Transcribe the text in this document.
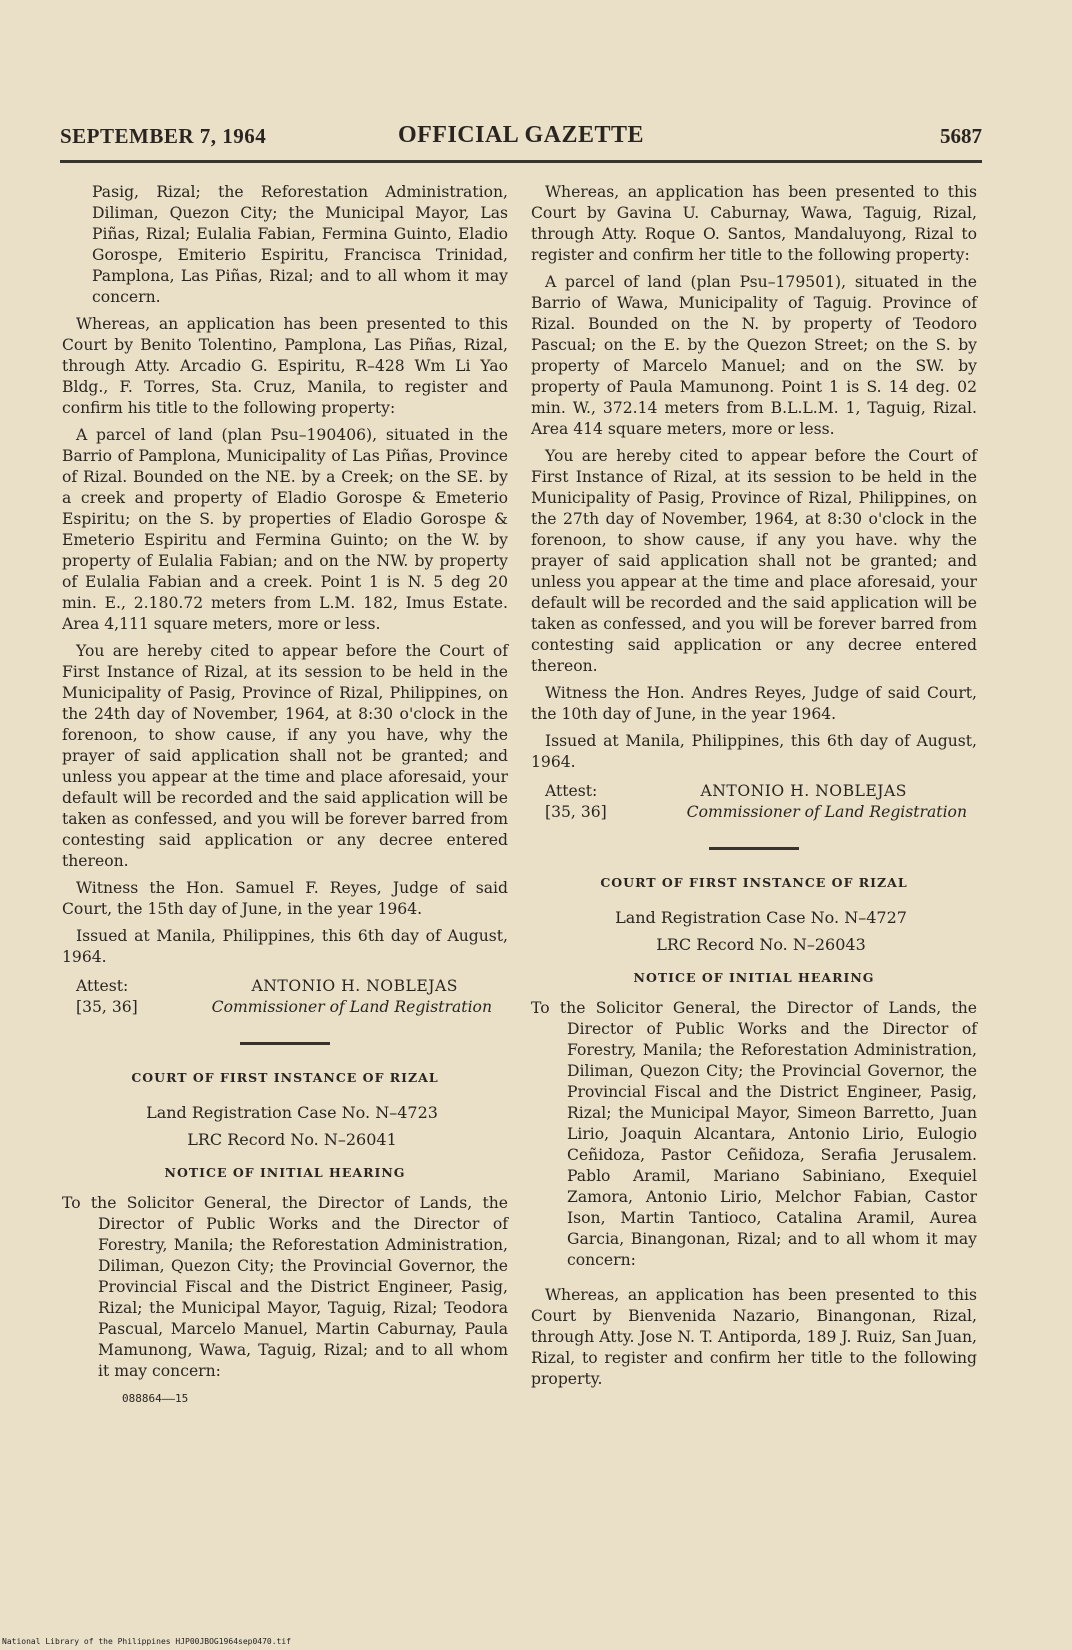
SEPTEMBER 7, 1964	OFFICIAL GAZETTE	5687

Pasig, Rizal; the Reforestation Administration, Diliman, Quezon City; the Municipal Mayor, Las Piñas, Rizal; Eulalia Fabian, Fermina Guinto, Eladio Gorospe, Emiterio Espiritu, Francisca Trinidad, Pamplona, Las Piñas, Rizal; and to all whom it may concern.

Whereas, an application has been presented to this Court by Benito Tolentino, Pamplona, Las Piñas, Rizal, through Atty. Arcadio G. Espiritu, R–428 Wm Li Yao Bldg., F. Torres, Sta. Cruz, Manila, to register and confirm his title to the following property:

A parcel of land (plan Psu–190406), situated in the Barrio of Pamplona, Municipality of Las Piñas, Province of Rizal. Bounded on the NE. by a Creek; on the SE. by a creek and property of Eladio Gorospe & Emeterio Espiritu; on the S. by properties of Eladio Gorospe & Emeterio Espiritu and Fermina Guinto; on the W. by property of Eulalia Fabian; and on the NW. by property of Eulalia Fabian and a creek. Point 1 is N. 5 deg 20 min. E., 2.180.72 meters from L.M. 182, Imus Estate. Area 4,111 square meters, more or less.

You are hereby cited to appear before the Court of First Instance of Rizal, at its session to be held in the Municipality of Pasig, Province of Rizal, Philippines, on the 24th day of November, 1964, at 8:30 o'clock in the forenoon, to show cause, if any you have, why the prayer of said application shall not be granted; and unless you appear at the time and place aforesaid, your default will be recorded and the said application will be taken as confessed, and you will be forever barred from contesting said application or any decree entered thereon.

Witness the Hon. Samuel F. Reyes, Judge of said Court, the 15th day of June, in the year 1964.

Issued at Manila, Philippines, this 6th day of August, 1964.

Attest:	ANTONIO H. NOBLEJAS
[35, 36]	Commissioner of Land Registration
COURT OF FIRST INSTANCE OF RIZAL

Land Registration Case No. N–4723

LRC Record No. N–26041

NOTICE OF INITIAL HEARING

To the Solicitor General, the Director of Lands, the Director of Public Works and the Director of Forestry, Manila; the Reforestation Administration, Diliman, Quezon City; the Provincial Governor, the Provincial Fiscal and the District Engineer, Pasig, Rizal; the Municipal Mayor, Taguig, Rizal; Teodora Pascual, Marcelo Manuel, Martin Caburnay, Paula Mamunong, Wawa, Taguig, Rizal; and to all whom it may concern:

088864——15

Whereas, an application has been presented to this Court by Gavina U. Caburnay, Wawa, Taguig, Rizal, through Atty. Roque O. Santos, Mandaluyong, Rizal to register and confirm her title to the following property:

A parcel of land (plan Psu–179501), situated in the Barrio of Wawa, Municipality of Taguig. Province of Rizal. Bounded on the N. by property of Teodoro Pascual; on the E. by the Quezon Street; on the S. by property of Marcelo Manuel; and on the SW. by property of Paula Mamunong. Point 1 is S. 14 deg. 02 min. W., 372.14 meters from B.L.L.M. 1, Taguig, Rizal. Area 414 square meters, more or less.

You are hereby cited to appear before the Court of First Instance of Rizal, at its session to be held in the Municipality of Pasig, Province of Rizal, Philippines, on the 27th day of November, 1964, at 8:30 o'clock in the forenoon, to show cause, if any you have. why the prayer of said application shall not be granted; and unless you appear at the time and place aforesaid, your default will be recorded and the said application will be taken as confessed, and you will be forever barred from contesting said application or any decree entered thereon.

Witness the Hon. Andres Reyes, Judge of said Court, the 10th day of June, in the year 1964.

Issued at Manila, Philippines, this 6th day of August, 1964.

Attest:	ANTONIO H. NOBLEJAS
[35, 36]	Commissioner of Land Registration
COURT OF FIRST INSTANCE OF RIZAL

Land Registration Case No. N–4727

LRC Record No. N–26043

NOTICE OF INITIAL HEARING

To the Solicitor General, the Director of Lands, the Director of Public Works and the Director of Forestry, Manila; the Reforestation Administration, Diliman, Quezon City; the Provincial Governor, the Provincial Fiscal and the District Engineer, Pasig, Rizal; the Municipal Mayor, Simeon Barretto, Juan Lirio, Joaquin Alcantara, Antonio Lirio, Eulogio Ceñidoza, Pastor Ceñidoza, Serafia Jerusalem. Pablo Aramil, Mariano Sabiniano, Exequiel Zamora, Antonio Lirio, Melchor Fabian, Castor Ison, Martin Tantioco, Catalina Aramil, Aurea Garcia, Binangonan, Rizal; and to all whom it may concern:

Whereas, an application has been presented to this Court by Bienvenida Nazario, Binangonan, Rizal, through Atty. Jose N. T. Antiporda, 189 J. Ruiz, San Juan, Rizal, to register and confirm her title to the following property.

National Library of the Philippines HJP00JBOG1964sep0470.tif
